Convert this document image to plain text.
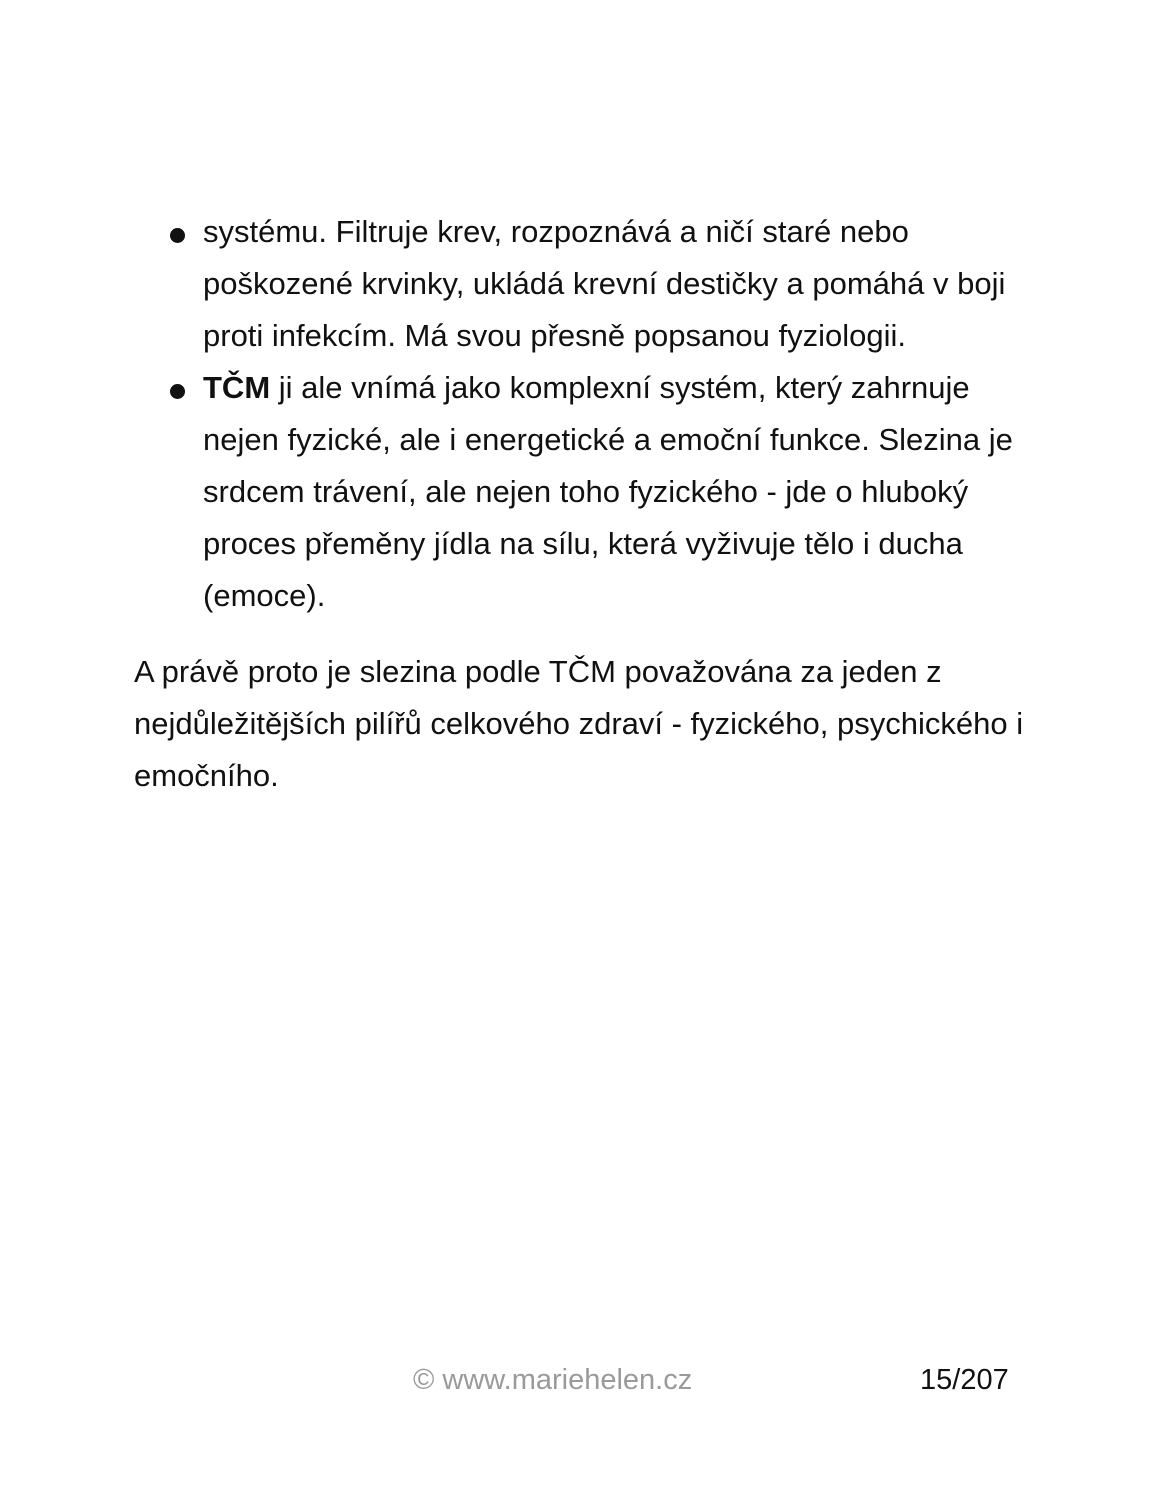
systému. Filtruje krev, rozpoznává a ničí staré nebo poškozené krvinky, ukládá krevní destičky a pomáhá v boji proti infekcím. Má svou přesně popsanou fyziologii.
TČM ji ale vnímá jako komplexní systém, který zahrnuje nejen fyzické, ale i energetické a emoční funkce. Slezina je srdcem trávení, ale nejen toho fyzického - jde o hluboký proces přeměny jídla na sílu, která vyživuje tělo i ducha (emoce).

A právě proto je slezina podle TČM považována za jeden z nejdůležitějších pilířů celkového zdraví - fyzického, psychického i emočního.

© www.mariehelen.cz	15/207
